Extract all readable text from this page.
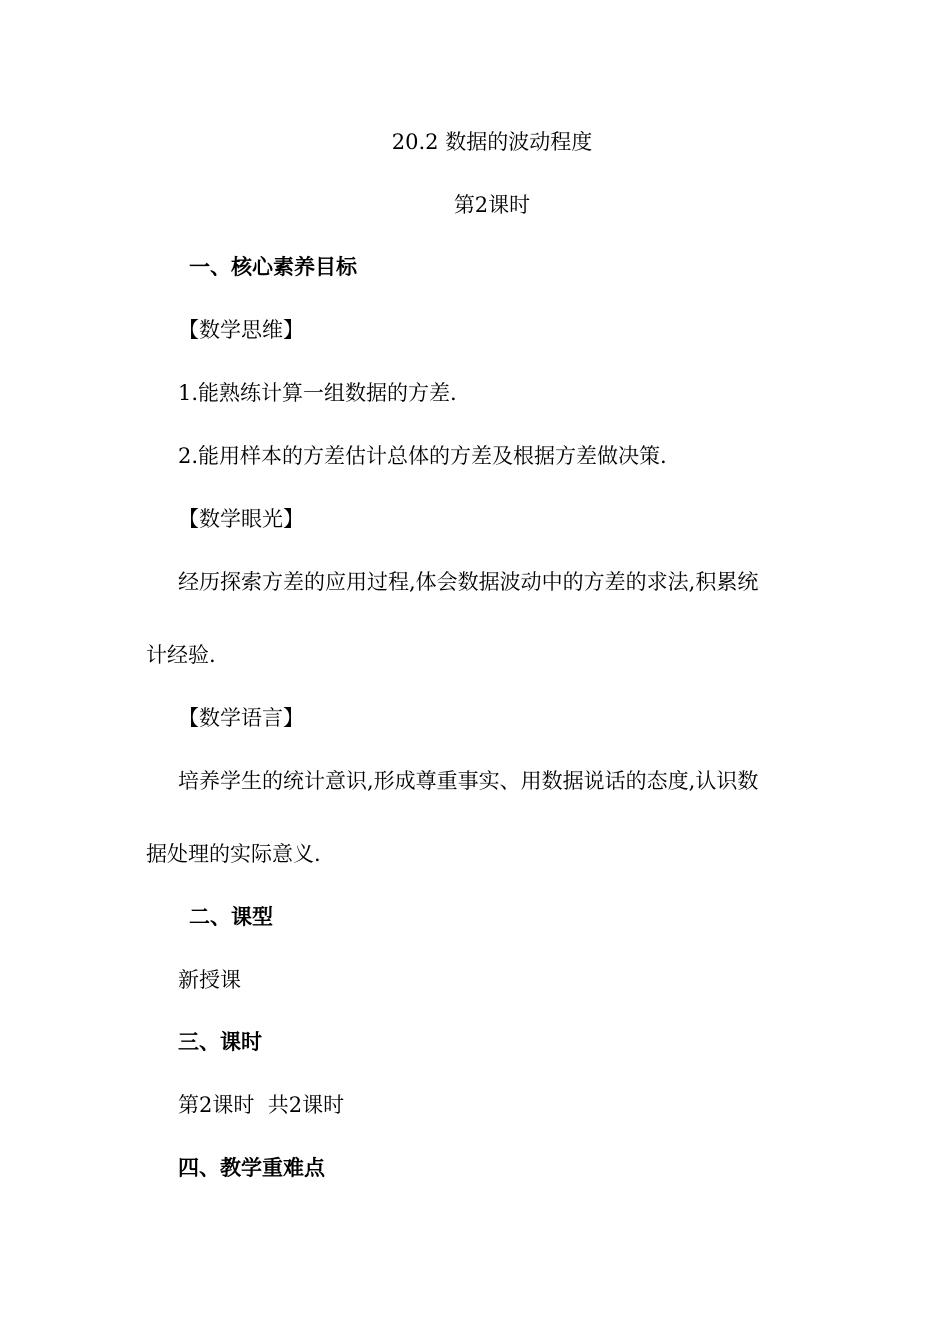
20.2 数据的波动程度
第2课时
一、核心素养目标
【数学思维】
1.能熟练计算一组数据的方差.
2.能用样本的方差估计总体的方差及根据方差做决策.
【数学眼光】
经历探索方差的应用过程,体会数据波动中的方差的求法,积累统
计经验.
【数学语言】
培养学生的统计意识,形成尊重事实、用数据说话的态度,认识数
据处理的实际意义.
二、课型
新授课
三、课时
第2课时  共2课时
四、教学重难点
